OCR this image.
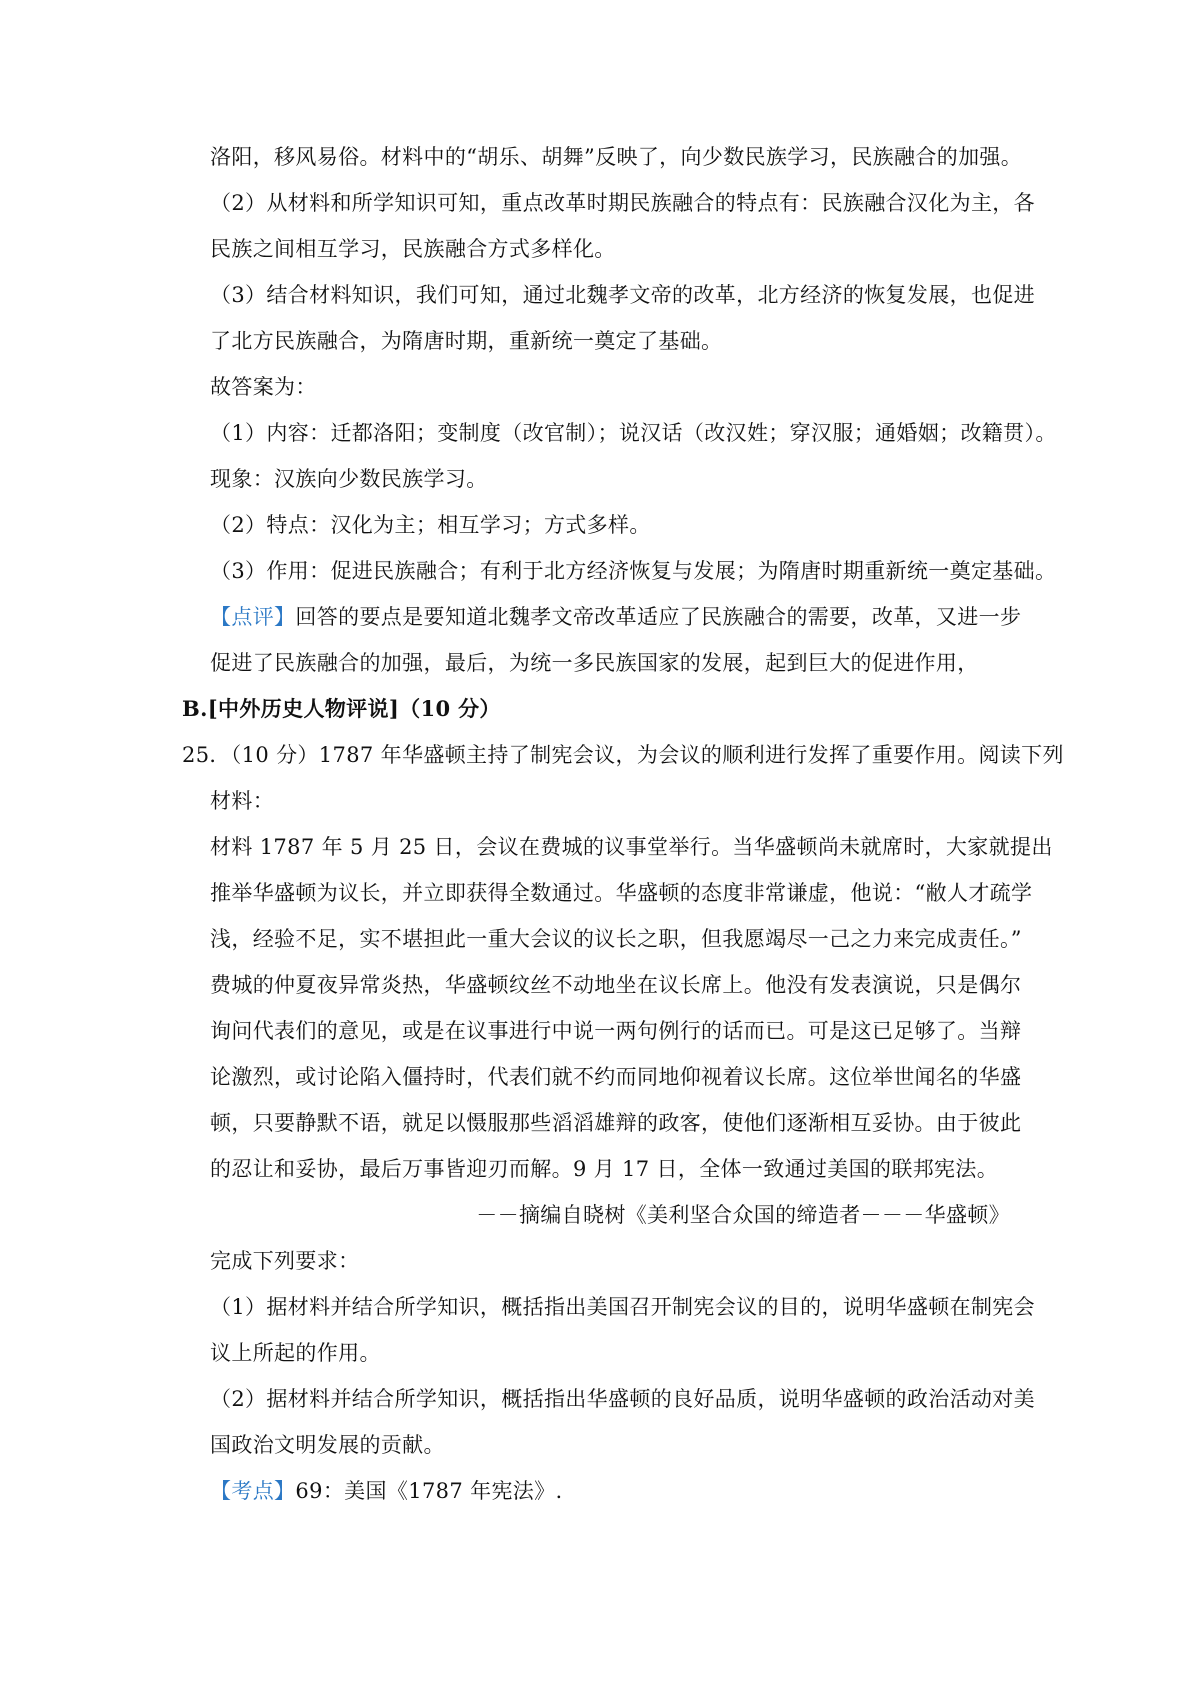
洛阳，移风易俗。材料中的“胡乐、胡舞”反映了，向少数民族学习，民族融合的加强。
（2）从材料和所学知识可知，重点改革时期民族融合的特点有：民族融合汉化为主，各
民族之间相互学习，民族融合方式多样化。
（3）结合材料知识，我们可知，通过北魏孝文帝的改革，北方经济的恢复发展，也促进
了北方民族融合，为隋唐时期，重新统一奠定了基础。
故答案为：
（1）内容：迁都洛阳；变制度（改官制）；说汉话（改汉姓；穿汉服；通婚姻；改籍贯）。
现象：汉族向少数民族学习。
（2）特点：汉化为主；相互学习；方式多样。
（3）作用：促进民族融合；有利于北方经济恢复与发展；为隋唐时期重新统一奠定基础。
【点评】回答的要点是要知道北魏孝文帝改革适应了民族融合的需要，改革，又进一步
促进了民族融合的加强，最后，为统一多民族国家的发展，起到巨大的促进作用，
B.[中外历史人物评说]（10 分）
25．（10 分）1787 年华盛顿主持了制宪会议，为会议的顺利进行发挥了重要作用。阅读下列
材料：
材料 1787 年 5 月 25 日，会议在费城的议事堂举行。当华盛顿尚未就席时，大家就提出
推举华盛顿为议长，并立即获得全数通过。华盛顿的态度非常谦虚，他说：“敝人才疏学
浅，经验不足，实不堪担此一重大会议的议长之职，但我愿竭尽一己之力来完成责任。”
费城的仲夏夜异常炎热，华盛顿纹丝不动地坐在议长席上。他没有发表演说，只是偶尔
询问代表们的意见，或是在议事进行中说一两句例行的话而已。可是这已足够了。当辩
论激烈，或讨论陷入僵持时，代表们就不约而同地仰视着议长席。这位举世闻名的华盛
顿，只要静默不语，就足以慑服那些滔滔雄辩的政客，使他们逐渐相互妥协。由于彼此
的忍让和妥协，最后万事皆迎刃而解。9 月 17 日，全体一致通过美国的联邦宪法。
－－摘编自晓树《美利坚合众国的缔造者－－－华盛顿》
完成下列要求：
（1）据材料并结合所学知识，概括指出美国召开制宪会议的目的，说明华盛顿在制宪会
议上所起的作用。
（2）据材料并结合所学知识，概括指出华盛顿的良好品质，说明华盛顿的政治活动对美
国政治文明发展的贡献。
【考点】69：美国《1787 年宪法》.
